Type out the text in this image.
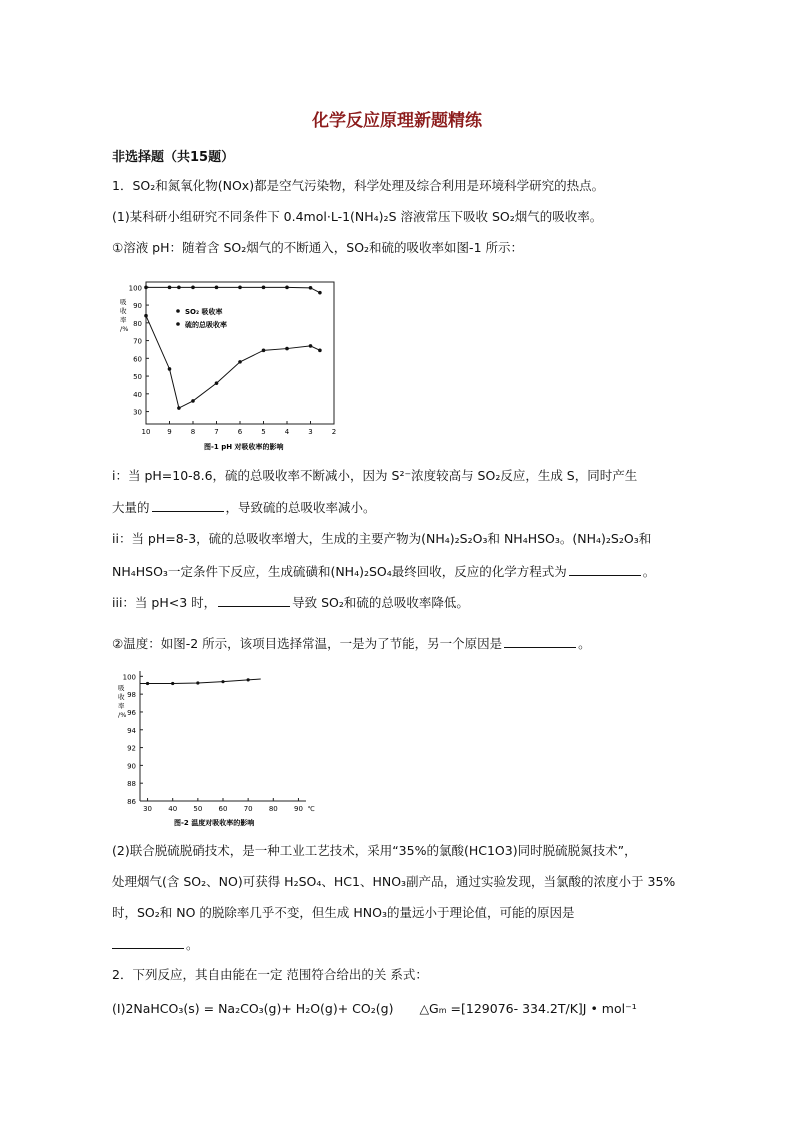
化学反应原理新题精练
非选择题（共15题）
1．SO₂和氮氧化物(NOx)都是空气污染物，科学处理及综合利用是环境科学研究的热点。
(1)某科研小组研究不同条件下 0.4mol·L-1(NH₄)₂S 溶液常压下吸收 SO₂烟气的吸收率。
①溶液 pH：随着含 SO₂烟气的不断通入，SO₂和硫的吸收率如图-1 所示：
30
40
50
60
70
80
90
100
10 9	8	7	6	5	4	3	2
吸
收
率
/%
SO₂ 吸收率
硫的总吸收率
图-1 pH 对吸收率的影响
i：当 pH=10-8.6，硫的总吸收率不断减小，因为 S²⁻浓度较高与 SO₂反应，生成 S，同时产生
大量的	，导致硫的总吸收率减小。
ii：当 pH=8-3，硫的总吸收率增大，生成的主要产物为(NH₄)₂S₂O₃和 NH₄HSO₃。(NH₄)₂S₂O₃和
NH₄HSO₃一定条件下反应，生成硫磺和(NH₄)₂SO₄最终回收，反应的化学方程式为	。
iii：当 pH<3 时，	导致 SO₂和硫的总吸收率降低。
②温度：如图-2 所示，该项目选择常温，一是为了节能，另一个原因是	。
86
88
90
92
94
96
98
100
30 40 50 60 70 80 90 ℃
吸
收
率
/%
图-2 温度对吸收率的影响
(2)联合脱硫脱硝技术，是一种工业工艺技术，采用“35%的氯酸(HC1O3)同时脱硫脱氮技术”，
处理烟气(含 SO₂、NO)可获得 H₂SO₄、HC1、HNO₃副产品，通过实验发现，当氯酸的浓度小于 35%
时，SO₂和 NO 的脱除率几乎不变，但生成 HNO₃的量远小于理论值，可能的原因是
。
2．下列反应，其自由能在一定 范围符合给出的关 系式：
(I)2NaHCO₃(s) = Na₂CO₃(g)+ H₂O(g)+ CO₂(g) △Gm =[129076- 334.2T/K]J • mol⁻¹
